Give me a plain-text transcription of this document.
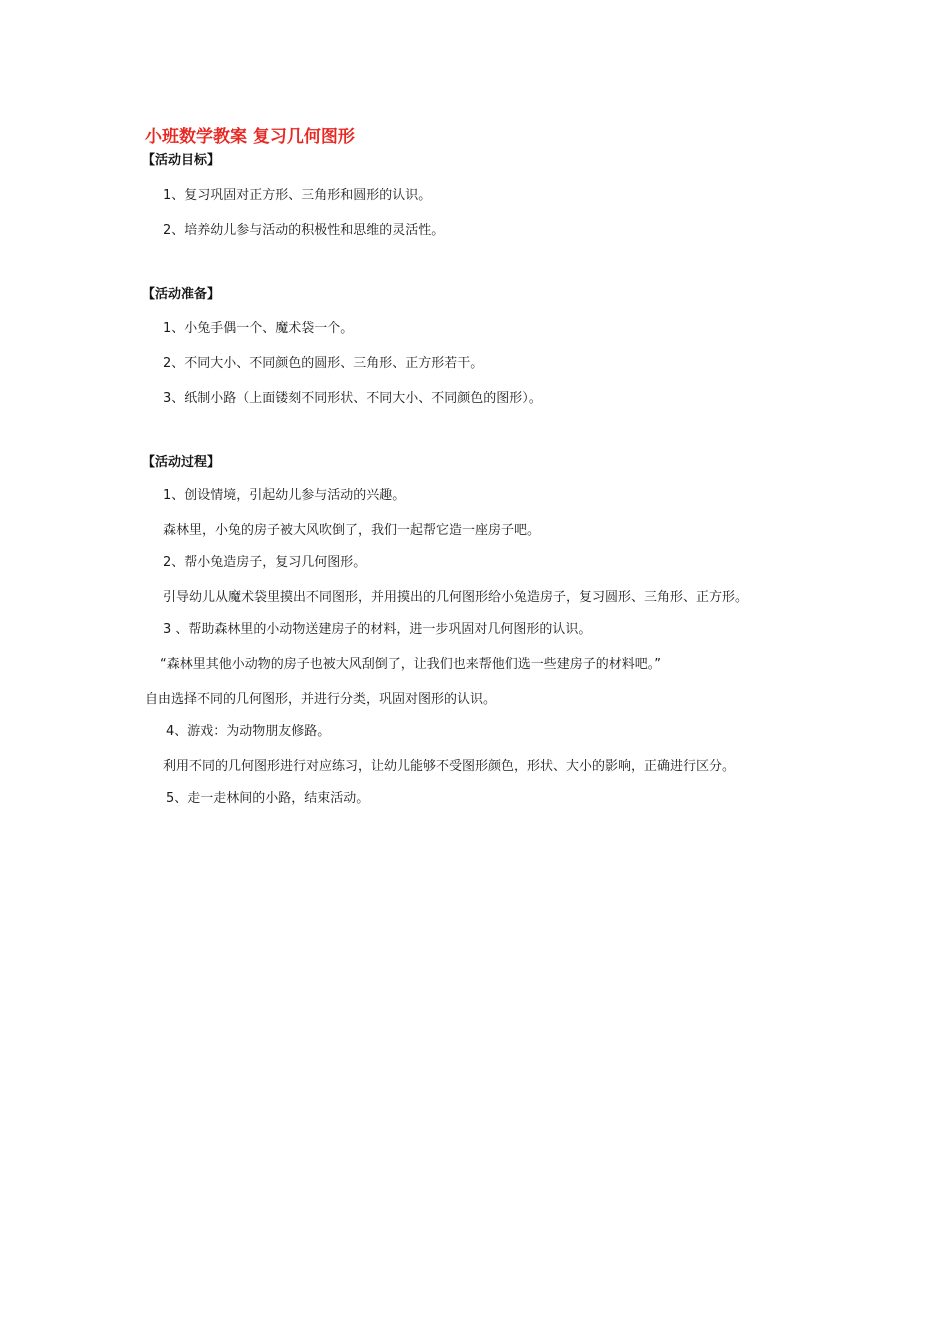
小班数学教案 复习几何图形
【活动目标】
1、复习巩固对正方形、三角形和圆形的认识。
2、培养幼儿参与活动的积极性和思维的灵活性。
【活动准备】
1、小兔手偶一个、魔术袋一个。
2、不同大小、不同颜色的圆形、三角形、正方形若干。
3、纸制小路（上面镂刻不同形状、不同大小、不同颜色的图形）。
【活动过程】
1、创设情境，引起幼儿参与活动的兴趣。
森林里，小兔的房子被大风吹倒了，我们一起帮它造一座房子吧。
2、帮小兔造房子，复习几何图形。
引导幼儿从魔术袋里摸出不同图形，并用摸出的几何图形给小兔造房子，复习圆形、三角形、正方形。
3 、帮助森林里的小动物送建房子的材料，进一步巩固对几何图形的认识。
“森林里其他小动物的房子也被大风刮倒了，让我们也来帮他们选一些建房子的材料吧。”
自由选择不同的几何图形，并进行分类，巩固对图形的认识。
4、游戏：为动物朋友修路。
利用不同的几何图形进行对应练习，让幼儿能够不受图形颜色，形状、大小的影响，正确进行区分。
5、走一走林间的小路，结束活动。
